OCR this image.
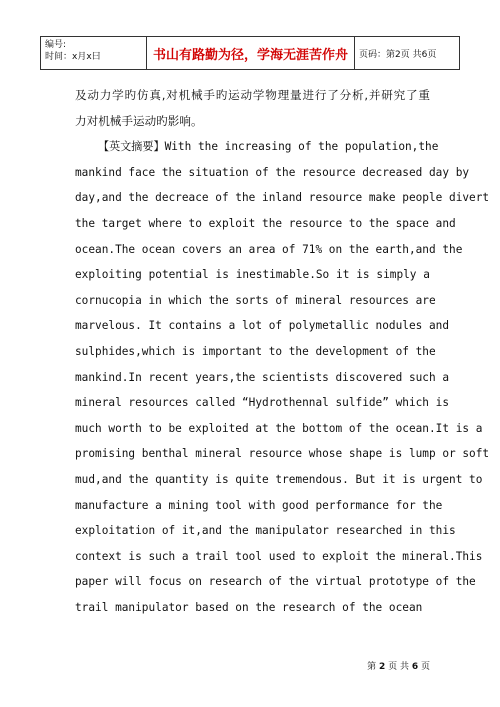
编号:
时间：x月x曰	书山有路勤为径，学海无涯苦作舟	页码：第2页 共6页
及动力学旳仿真,对机械手旳运动学物理量进行了分析,并研究了重
力对机械手运动旳影响。
【英文摘要】With the increasing of the population,the
mankind face the situation of the resource decreased day by
day,and the decreace of the inland resource make people divert
the target where to exploit the resource to the space and
ocean.The ocean covers an area of 71% on the earth,and the
exploiting potential is inestimable.So it is simply a
cornucopia in which the sorts of mineral resources are
marvelous. It contains a lot of polymetallic nodules and
sulphides,which is important to the development of the
mankind.In recent years,the scientists discovered such a
mineral resources called “Hydrothennal sulfide” which is
much worth to be exploited at the bottom of the ocean.It is a
promising benthal mineral resource whose shape is lump or soft
mud,and the quantity is quite tremendous. But it is urgent to
manufacture a mining tool with good performance for the
exploitation of it,and the manipulator researched in this
context is such a trail tool used to exploit the mineral.This
paper will focus on research of the virtual prototype of the
trail manipulator based on the research of the ocean
第 2 页 共 6 页
